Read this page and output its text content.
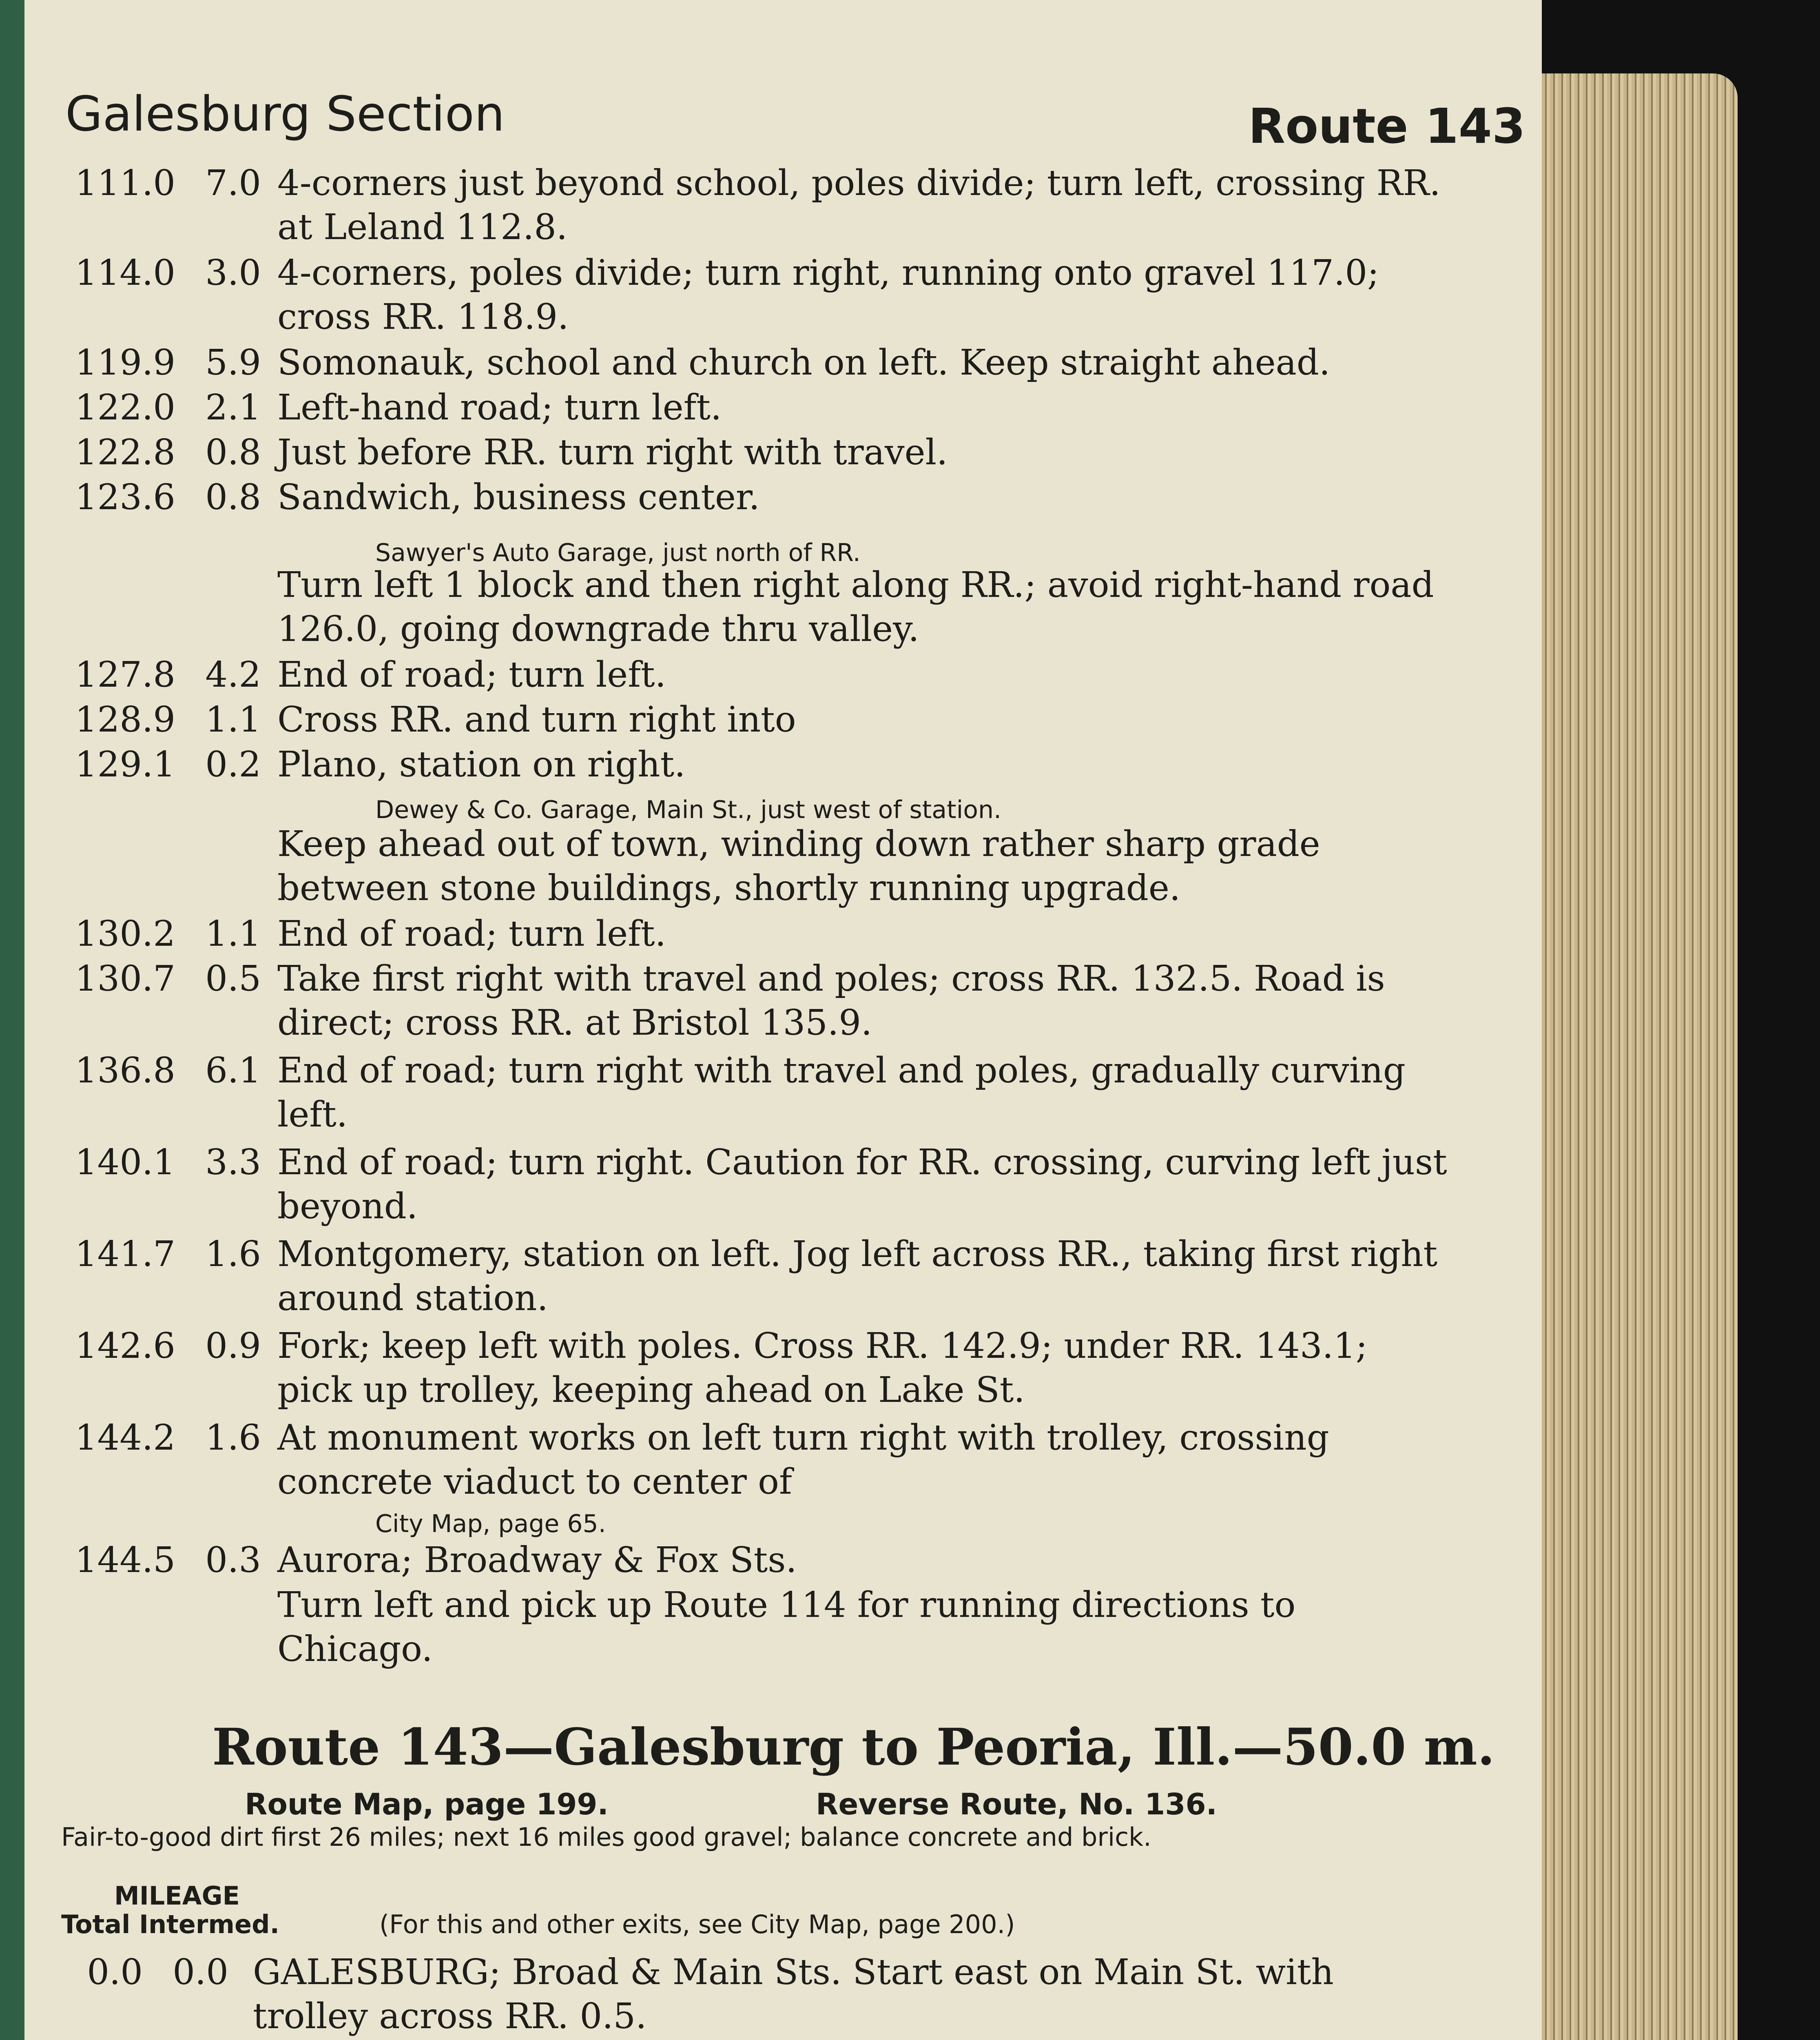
Galesburg Section	Route 143
111.0 7.0 4-corners just beyond school, poles divide; turn left, crossing RR. at Leland 112.8.
114.0 3.0 4-corners, poles divide; turn right, running onto gravel 117.0; cross RR. 118.9.
119.9 5.9 Somonauk, school and church on left. Keep straight ahead.
122.0 2.1 Left-hand road; turn left.
122.8 0.8 Just before RR. turn right with travel.
123.6 0.8 Sandwich, business center.
Sawyer's Auto Garage, just north of RR.
Turn left 1 block and then right along RR.; avoid right-hand road 126.0, going downgrade thru valley.
127.8 4.2 End of road; turn left.
128.9 1.1 Cross RR. and turn right into
129.1 0.2 Plano, station on right.
Dewey & Co. Garage, Main St., just west of station.
Keep ahead out of town, winding down rather sharp grade between stone buildings, shortly running upgrade.
130.2 1.1 End of road; turn left.
130.7 0.5 Take first right with travel and poles; cross RR. 132.5. Road is direct; cross RR. at Bristol 135.9.
136.8 6.1 End of road; turn right with travel and poles, gradually curving left.
140.1 3.3 End of road; turn right. Caution for RR. crossing, curving left just beyond.
141.7 1.6 Montgomery, station on left. Jog left across RR., taking first right around station.
142.6 0.9 Fork; keep left with poles. Cross RR. 142.9; under RR. 143.1; pick up trolley, keeping ahead on Lake St.
144.2 1.6 At monument works on left turn right with trolley, crossing concrete viaduct to center of
City Map, page 65.
144.5 0.3 Aurora; Broadway & Fox Sts.
Turn left and pick up Route 114 for running directions to Chicago.
Route 143—Galesburg to Peoria, Ill.—50.0 m.
Route Map, page 199.	Reverse Route, No. 136.
Fair-to-good dirt first 26 miles; next 16 miles good gravel; balance concrete and brick.
MILEAGE
Total Intermed.	(For this and other exits, see City Map, page 200.)
0.0 0.0 GALESBURG; Broad & Main Sts. Start east on Main St. with trolley across RR. 0.5.
